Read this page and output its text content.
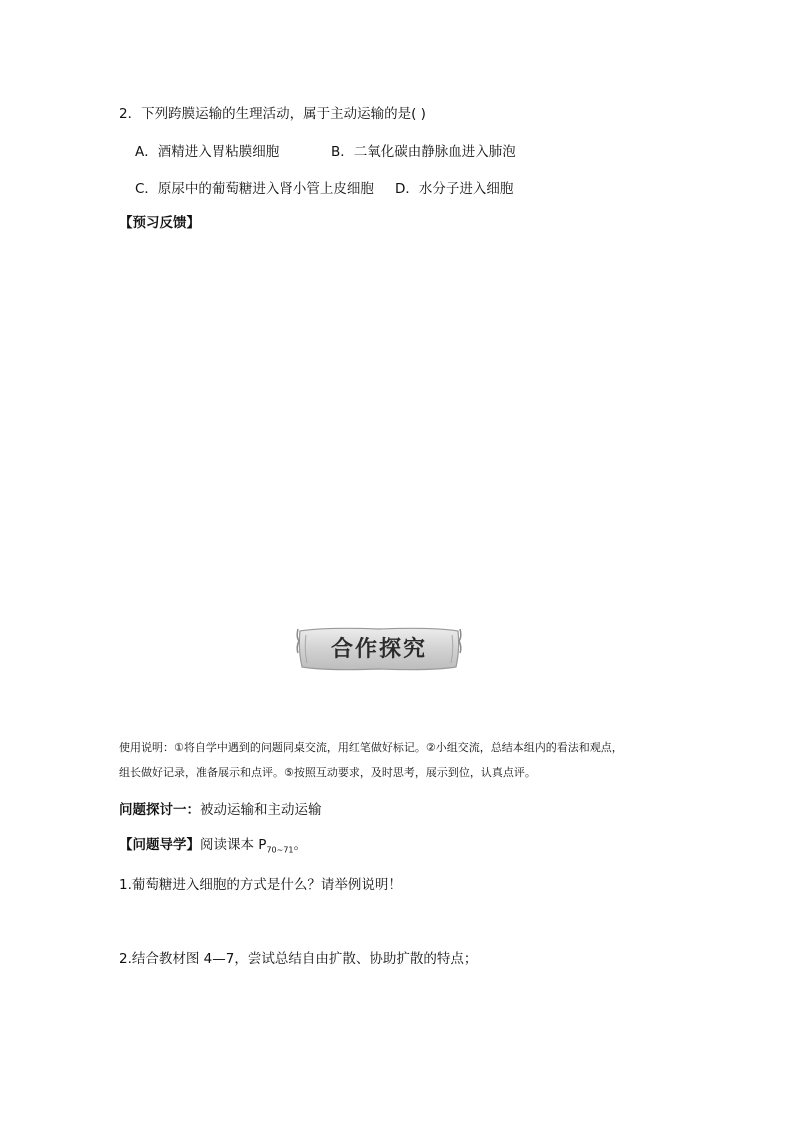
2．下列跨膜运输的生理活动，属于主动运输的是( )
A．酒精进入胃粘膜细胞	B．二氧化碳由静脉血进入肺泡
C．原尿中的葡萄糖进入肾小管上皮细胞 D．水分子进入细胞
【预习反馈】
合作探究
使用说明：①将自学中遇到的问题同桌交流，用红笔做好标记。②小组交流，总结本组内的看法和观点，
组长做好记录，准备展示和点评。⑤按照互动要求，及时思考，展示到位，认真点评。
问题探讨一：被动运输和主动运输
【问题导学】阅读课本 $P_{70\sim 71}$。
1.葡萄糖进入细胞的方式是什么？请举例说明！
2.结合教材图 4—7，尝试总结自由扩散、协助扩散的特点；
